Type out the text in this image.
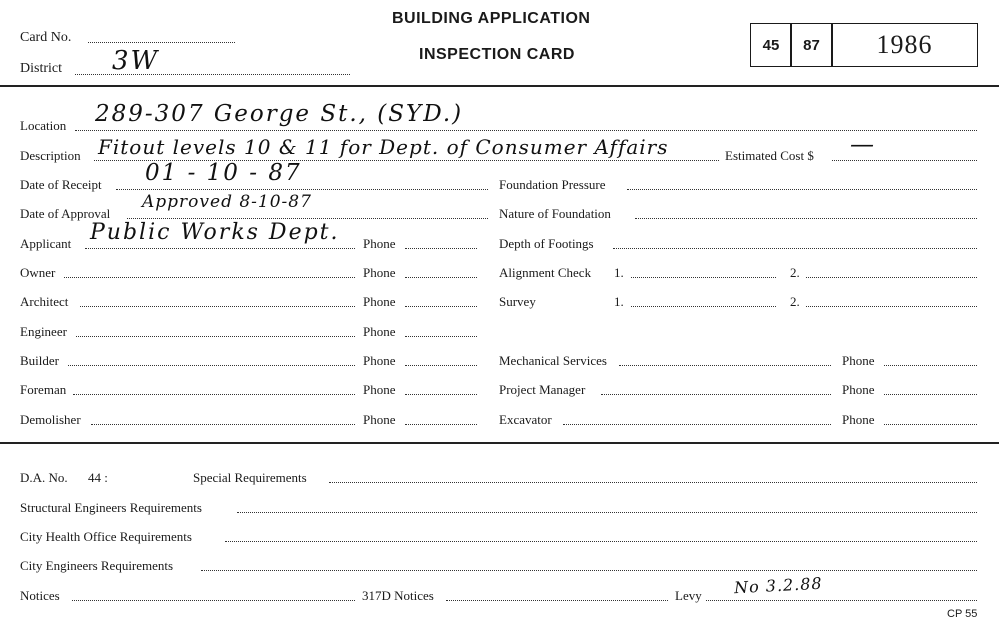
Card No.
District 3W
BUILDING APPLICATION
INSPECTION CARD
45 87 1986
Location 289-307 George St., (SYD.)
Description Fitout levels 10 & 11 for Dept. of Consumer Affairs	Estimated Cost $ —
Date of Receipt 01 - 10 - 87
Date of Approval
Approved 8-10-87
Applicant Public Works Dept. Phone
Owner	Phone
Architect	Phone
Engineer	Phone
Builder	Phone
Foreman	Phone
Demolisher	Phone
Foundation Pressure
Nature of Foundation
Depth of Footings
Alignment Check 1.	2.
Survey	1.	2.
Mechanical Services	Phone
Project Manager	Phone
Excavator	Phone
D.A. No. 44 :	Special Requirements
Structural Engineers Requirements
City Health Office Requirements
City Engineers Requirements
Notices	317D Notices	Levy No 3.2.88
CP 55
